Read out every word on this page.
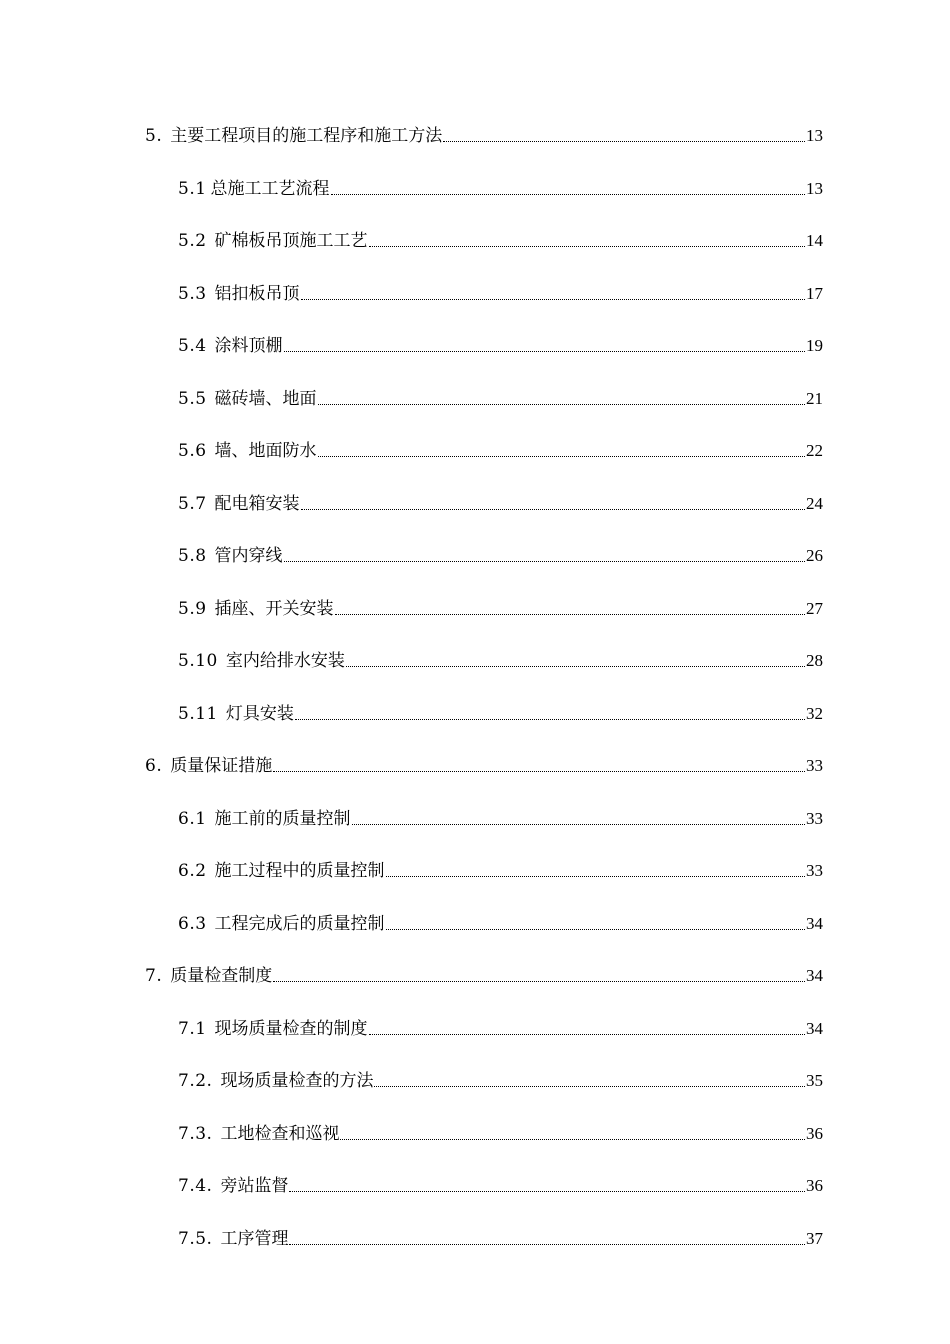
5. 主要工程项目的施工程序和施工方法	13
5.1 总施工工艺流程	13
5.2 矿棉板吊顶施工工艺	14
5.3 铝扣板吊顶	17
5.4 涂料顶棚	19
5.5 磁砖墙、地面	21
5.6 墙、地面防水	22
5.7 配电箱安装	24
5.8 管内穿线	26
5.9 插座、开关安装	27
5.10 室内给排水安装	28
5.11 灯具安装	32
6. 质量保证措施	33
6.1 施工前的质量控制	33
6.2 施工过程中的质量控制	33
6.3 工程完成后的质量控制	34
7. 质量检查制度	34
7.1 现场质量检查的制度	34
7.2. 现场质量检查的方法	35
7.3. 工地检查和巡视	36
7.4. 旁站监督	36
7.5. 工序管理	37
